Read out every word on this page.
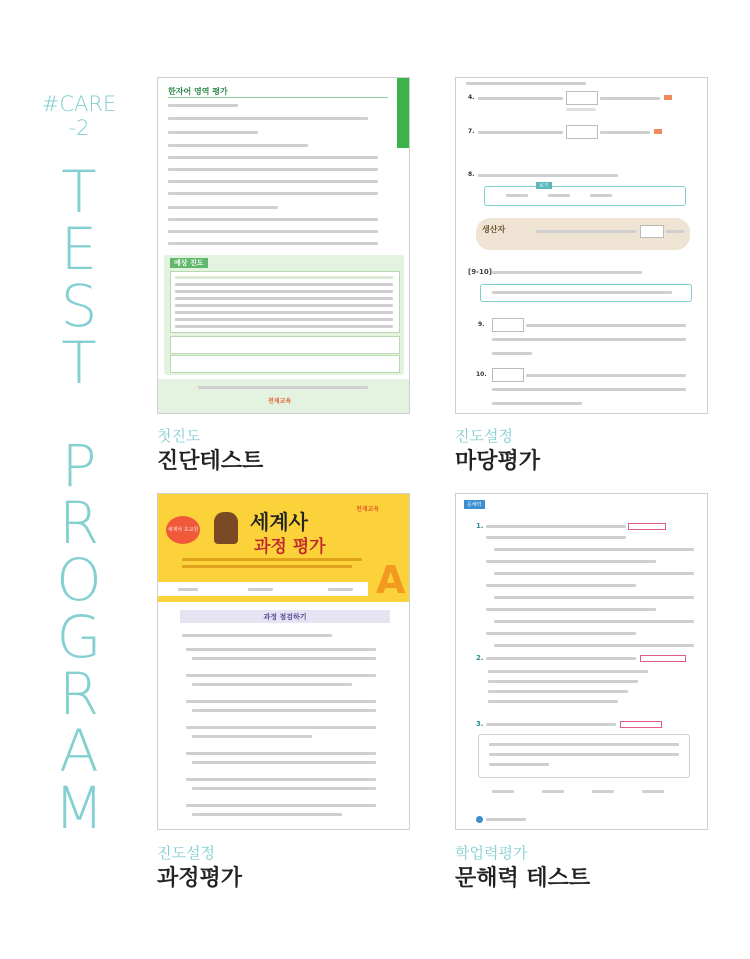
#CARE
-2
T
E
S
T
P
R
O
G
R
A
M
한자어 영역 평가
예상 진도
천재교육
첫진도
진단테스트
4.
7.
8.
보기
생산자
[9-10]
9.
10.
진도설정
마당평가
세계사 초교원	세계사
과정 평가
천재교육
A
과정 점검하기
진도설정
과정평가
문해력
1.
2.
3.
학업력평가
문해력 테스트
